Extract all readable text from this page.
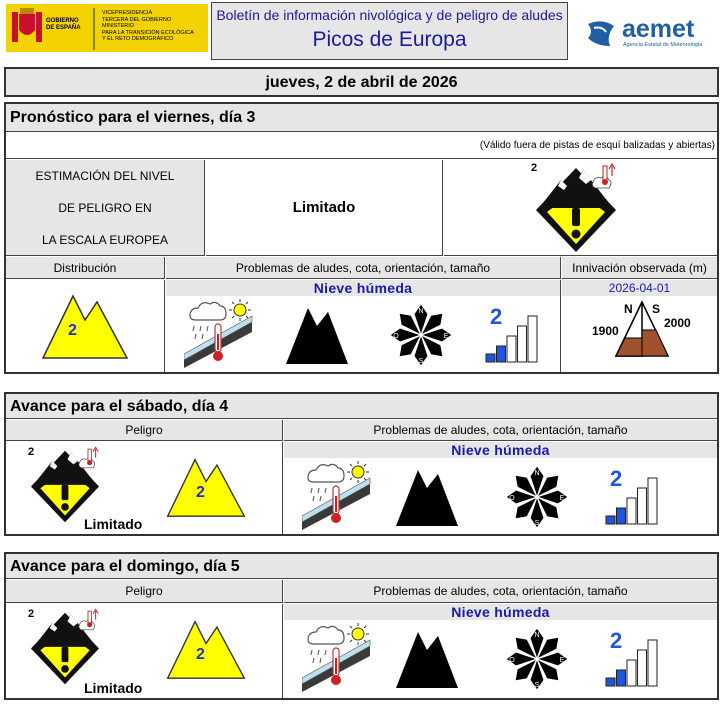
GOBIERNO
DE ESPAÑA
VICEPRESIDENCIA
TERCERA DEL GOBIERNO
MINISTERIO
PARA LA TRANSICIÓN ECOLÓGICA
Y EL RETO DEMOGRÁFICO
Boletín de información nivológica y de peligro de aludes
Picos de Europa	aemet
Agencia Estatal de Meteorología
jueves, 2 de abril de 2026
Pronóstico para el viernes, día 3
(Válido fuera de pistas de esquí balizadas y abiertas)
ESTIMACIÓN DEL NIVEL
DE PELIGRO EN
LA ESCALA EUROPEA
Limitado
2
Distribución	Problemas de aludes, cota, orientación, tamaño	Innivación observada (m)
2
Nieve húmeda
N
S
E
O
2
2026-04-01
N S
1900
2000
Avance para el sábado, día 4
Peligro	Problemas de aludes, cota, orientación, tamaño
2
Limitado
2
Nieve húmeda
N
S
E
O
2
Avance para el domingo, día 5
Peligro	Problemas de aludes, cota, orientación, tamaño
2
Limitado
2
Nieve húmeda
N
S
E
O
2
